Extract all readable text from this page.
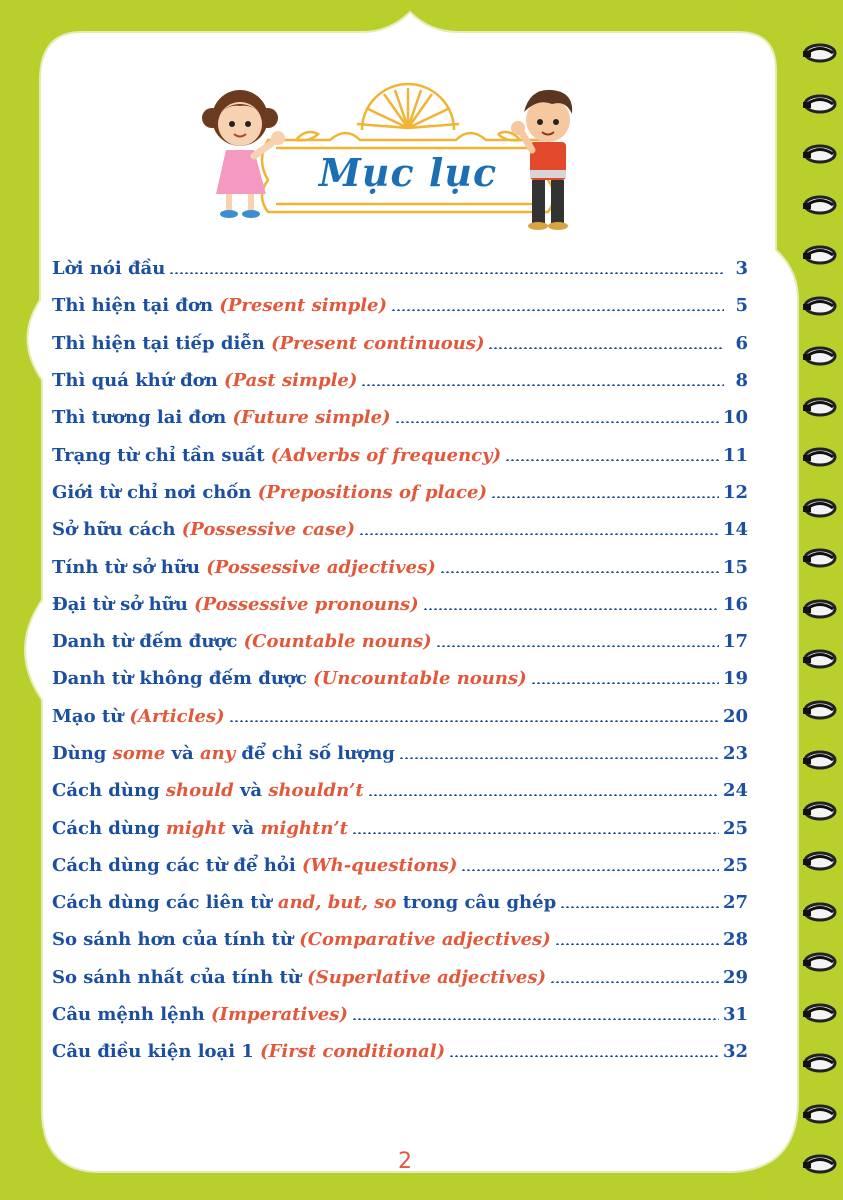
Mục lục
Lời nói đầu	3
Thì hiện tại đơn (Present simple)	5
Thì hiện tại tiếp diễn (Present continuous)	6
Thì quá khứ đơn (Past simple)	8
Thì tương lai đơn (Future simple)	10
Trạng từ chỉ tần suất (Adverbs of frequency)	11
Giới từ chỉ nơi chốn (Prepositions of place)	12
Sở hữu cách (Possessive case)	14
Tính từ sở hữu (Possessive adjectives)	15
Đại từ sở hữu (Possessive pronouns)	16
Danh từ đếm được (Countable nouns)	17
Danh từ không đếm được (Uncountable nouns)	19
Mạo từ (Articles)	20
Dùng some và any để chỉ số lượng	23
Cách dùng should và shouldn’t	24
Cách dùng might và mightn’t	25
Cách dùng các từ để hỏi (Wh-questions)	25
Cách dùng các liên từ and, but, so trong câu ghép	27
So sánh hơn của tính từ (Comparative adjectives)	28
So sánh nhất của tính từ (Superlative adjectives)	29
Câu mệnh lệnh (Imperatives)	31
Câu điều kiện loại 1 (First conditional)	32
2
